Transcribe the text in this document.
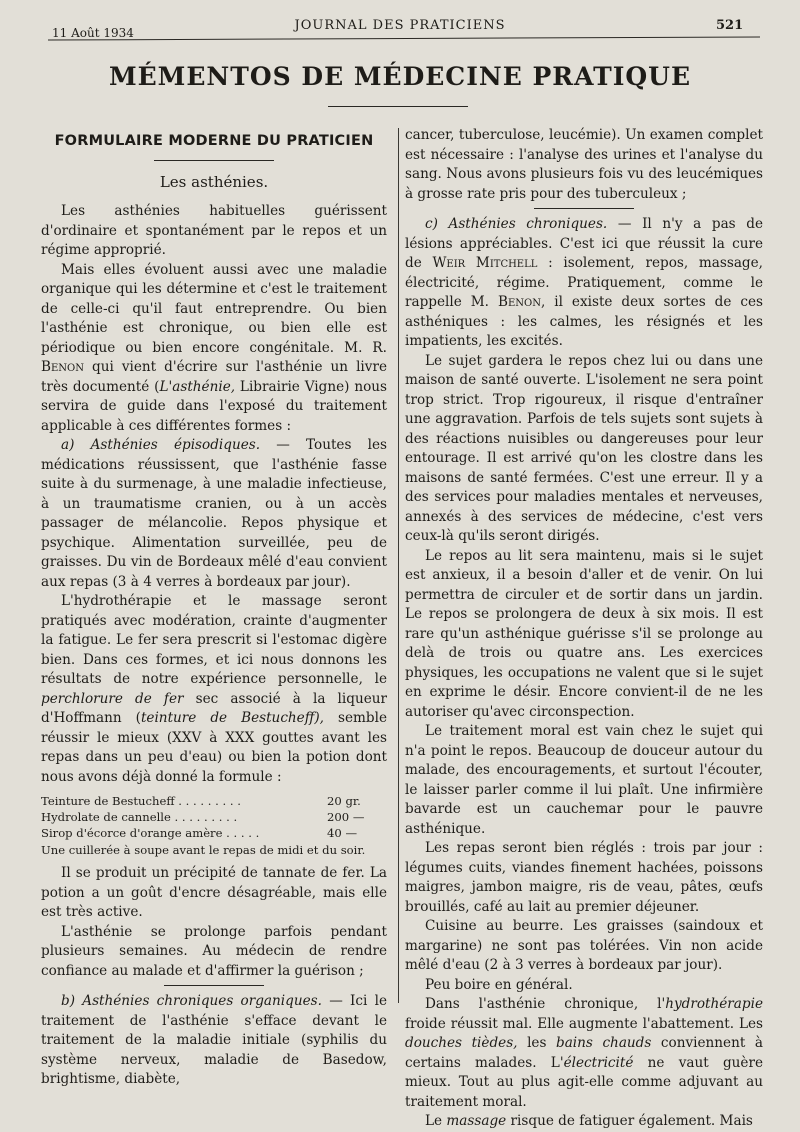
11 Août 1934	JOURNAL DES PRATICIENS	521
MÉMENTOS DE MÉDECINE PRATIQUE
FORMULAIRE MODERNE DU PRATICIEN
Les asthénies.

Les asthénies habituelles guérissent d'ordinaire et spontanément par le repos et un régime approprié.

Mais elles évoluent aussi avec une maladie organique qui les détermine et c'est le traitement de celle-ci qu'il faut entreprendre. Ou bien l'asthénie est chronique, ou bien elle est périodique ou bien encore congénitale. M. R. Benon qui vient d'écrire sur l'asthénie un livre très documenté (L'asthénie, Librairie Vigne) nous servira de guide dans l'exposé du traitement applicable à ces différentes formes :

a) Asthénies épisodiques. — Toutes les médications réussissent, que l'asthénie fasse suite à du surmenage, à une maladie infectieuse, à un traumatisme cranien, ou à un accès passager de mélancolie. Repos physique et psychique. Alimentation surveillée, peu de graisses. Du vin de Bordeaux mêlé d'eau convient aux repas (3 à 4 verres à bordeaux par jour).

L'hydrothérapie et le massage seront pratiqués avec modération, crainte d'augmenter la fatigue. Le fer sera prescrit si l'estomac digère bien. Dans ces formes, et ici nous donnons les résultats de notre expérience personnelle, le perchlorure de fer sec associé à la liqueur d'Hoffmann (teinture de Bestucheff), semble réussir le mieux (XXV à XXX gouttes avant les repas dans un peu d'eau) ou bien la potion dont nous avons déjà donné la formule :

Teinture de Bestucheff . . . . . . . . .	20 gr.
Hydrolate de cannelle . . . . . . . . .	200 —
Sirop d'écorce d'orange amère . . . . .	40 —
Une cuillerée à soupe avant le repas de midi et du soir.

Il se produit un précipité de tannate de fer. La potion a un goût d'encre désagréable, mais elle est très active.

L'asthénie se prolonge parfois pendant plusieurs semaines. Au médecin de rendre confiance au malade et d'affirmer la guérison ;

b) Asthénies chroniques organiques. — Ici le traitement de l'asthénie s'efface devant le traitement de la maladie initiale (syphilis du système nerveux, maladie de Basedow, brightisme, diabète,

cancer, tuberculose, leucémie). Un examen complet est nécessaire : l'analyse des urines et l'analyse du sang. Nous avons plusieurs fois vu des leucémiques à grosse rate pris pour des tuberculeux ;

c) Asthénies chroniques. — Il n'y a pas de lésions appréciables. C'est ici que réussit la cure de Weir Mitchell : isolement, repos, massage, électricité, régime. Pratiquement, comme le rappelle M. Benon, il existe deux sortes de ces asthéniques : les calmes, les résignés et les impatients, les excités.

Le sujet gardera le repos chez lui ou dans une maison de santé ouverte. L'isolement ne sera point trop strict. Trop rigoureux, il risque d'entraîner une aggravation. Parfois de tels sujets sont sujets à des réactions nuisibles ou dangereuses pour leur entourage. Il est arrivé qu'on les clostre dans les maisons de santé fermées. C'est une erreur. Il y a des services pour maladies mentales et nerveuses, annexés à des services de médecine, c'est vers ceux-là qu'ils seront dirigés.

Le repos au lit sera maintenu, mais si le sujet est anxieux, il a besoin d'aller et de venir. On lui permettra de circuler et de sortir dans un jardin. Le repos se prolongera de deux à six mois. Il est rare qu'un asthénique guérisse s'il se prolonge au delà de trois ou quatre ans. Les exercices physiques, les occupations ne valent que si le sujet en exprime le désir. Encore convient-il de ne les autoriser qu'avec circonspection.

Le traitement moral est vain chez le sujet qui n'a point le repos. Beaucoup de douceur autour du malade, des encouragements, et surtout l'écouter, le laisser parler comme il lui plaît. Une infirmière bavarde est un cauchemar pour le pauvre asthénique.

Les repas seront bien réglés : trois par jour : légumes cuits, viandes finement hachées, poissons maigres, jambon maigre, ris de veau, pâtes, œufs brouillés, café au lait au premier déjeuner.

Cuisine au beurre. Les graisses (saindoux et margarine) ne sont pas tolérées. Vin non acide mêlé d'eau (2 à 3 verres à bordeaux par jour).

Peu boire en général.

Dans l'asthénie chronique, l'hydrothérapie froide réussit mal. Elle augmente l'abattement. Les douches tièdes, les bains chauds conviennent à certains malades. L'électricité ne vaut guère mieux. Tout au plus agit-elle comme adjuvant au traitement moral.

Le massage risque de fatiguer également. Mais
